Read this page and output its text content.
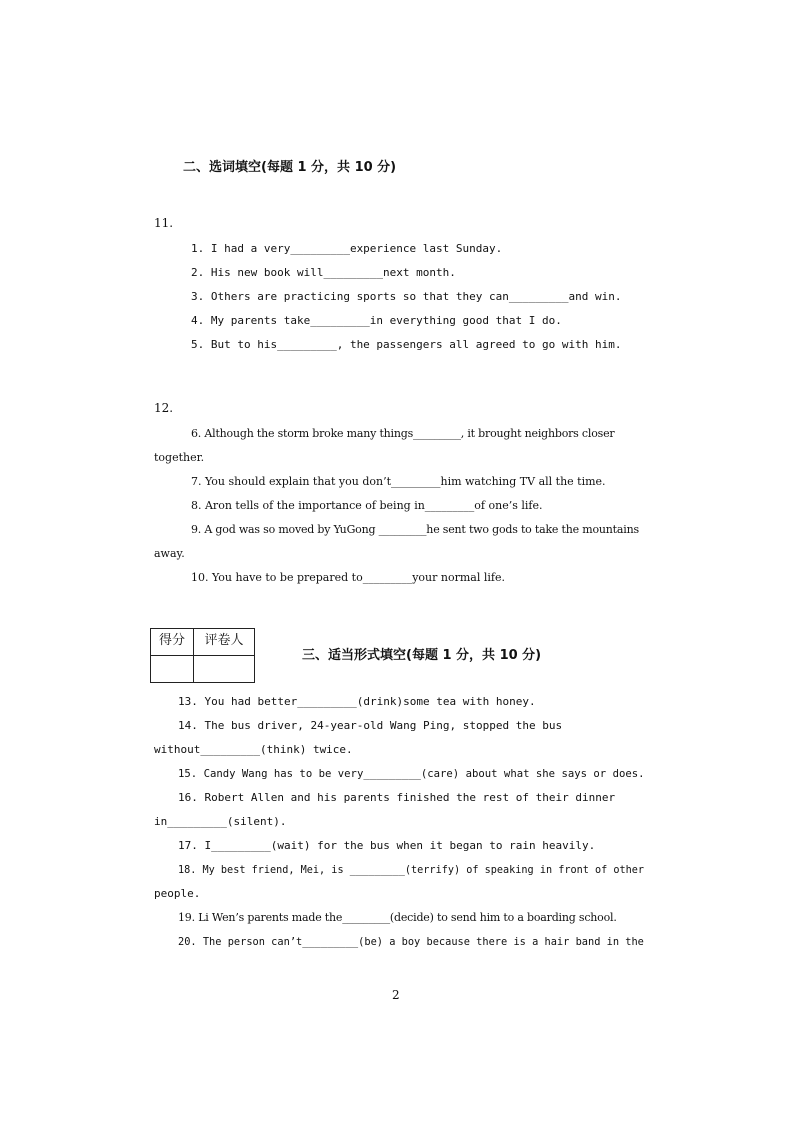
二、选词填空(每题 1 分，共 10 分)
11.
1. I had a very_________experience last Sunday.
2. His new book will_________next month.
3. Others are practicing sports so that they can_________and win.
4. My parents take_________in everything good that I do.
5. But to his_________, the passengers all agreed to go with him.
12.
6. Although the storm broke many things_________, it brought neighbors closer
together.
7. You should explain that you don’t_________him watching TV all the time.
8. Aron tells of the importance of being in_________of one’s life.
9. A god was so moved by YuGong _________he sent two gods to take the mountains
away.
10. You have to be prepared to_________your normal life.
得分	评卷人

三、适当形式填空(每题 1 分，共 10 分)
13. You had better_________(drink)some tea with honey.
14. The bus driver, 24-year-old Wang Ping, stopped the bus
without_________(think) twice.
15. Candy Wang has to be very_________(care) about what she says or does.
16. Robert Allen and his parents finished the rest of their dinner
in_________(silent).
17. I_________(wait) for the bus when it began to rain heavily.
18. My best friend, Mei, is _________(terrify) of speaking in front of other
people.
19. Li Wen’s parents made the_________(decide) to send him to a boarding school.
20. The person can’t_________(be) a boy because there is a hair band in the
2
